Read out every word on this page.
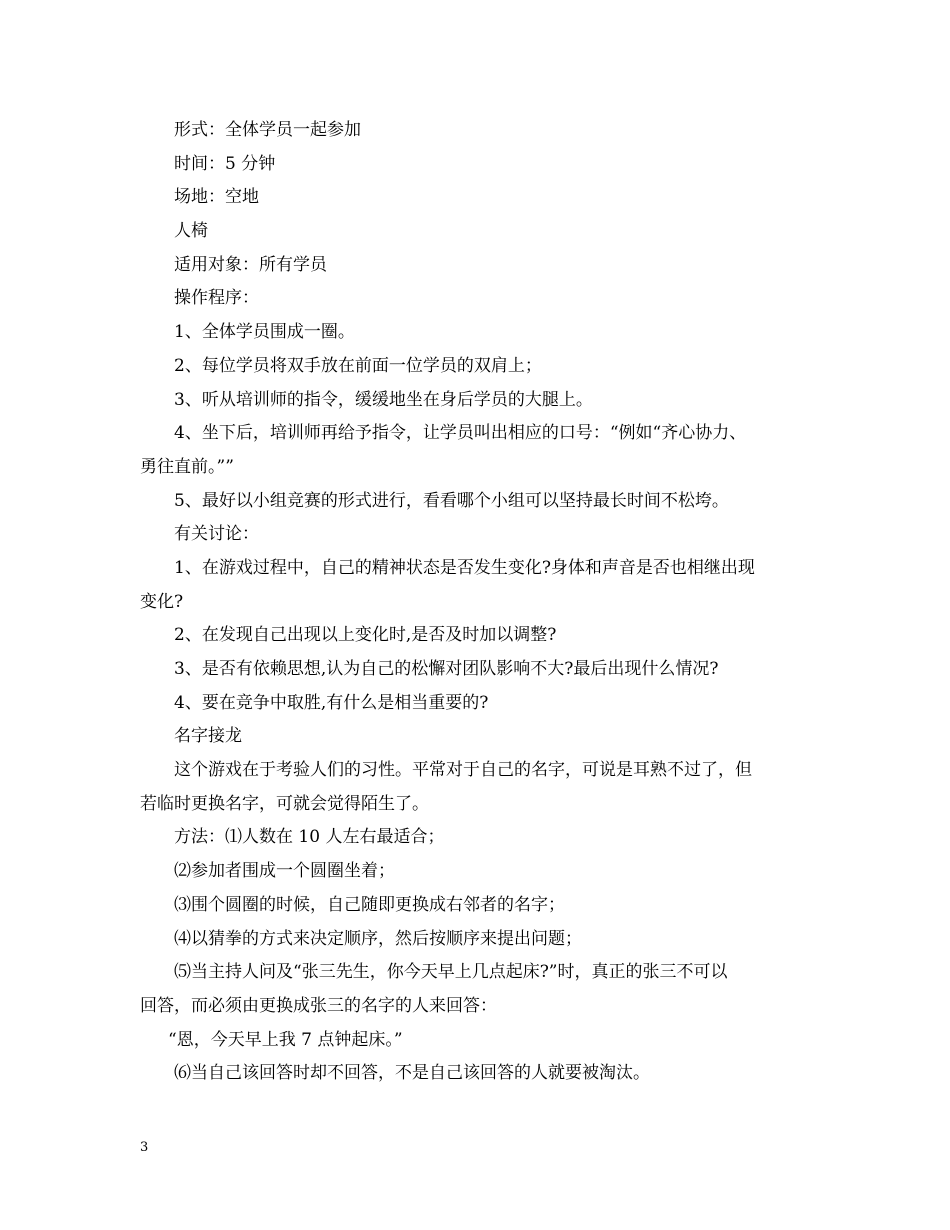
形式：全体学员一起参加
时间：5 分钟
场地：空地
人椅
适用对象：所有学员
操作程序：
1、全体学员围成一圈。
2、每位学员将双手放在前面一位学员的双肩上；
3、听从培训师的指令，缓缓地坐在身后学员的大腿上。
4、坐下后，培训师再给予指令，让学员叫出相应的口号：“例如“齐心协力、
勇往直前。””
5、最好以小组竞赛的形式进行，看看哪个小组可以坚持最长时间不松垮。
有关讨论：
1、在游戏过程中，自己的精神状态是否发生变化?身体和声音是否也相继出现
变化?
2、在发现自己出现以上变化时,是否及时加以调整?
3、是否有依赖思想,认为自己的松懈对团队影响不大?最后出现什么情况?
4、要在竞争中取胜,有什么是相当重要的?
名字接龙
这个游戏在于考验人们的习性。平常对于自己的名字，可说是耳熟不过了，但
若临时更换名字，可就会觉得陌生了。
方法：⑴人数在 10 人左右最适合；
⑵参加者围成一个圆圈坐着；
⑶围个圆圈的时候，自己随即更换成右邻者的名字；
⑷以猜拳的方式来决定顺序，然后按顺序来提出问题；
⑸当主持人问及“张三先生，你今天早上几点起床?”时，真正的张三不可以
回答，而必须由更换成张三的名字的人来回答：
“恩，今天早上我 7 点钟起床。”
⑹当自己该回答时却不回答，不是自己该回答的人就要被淘汰。
3
